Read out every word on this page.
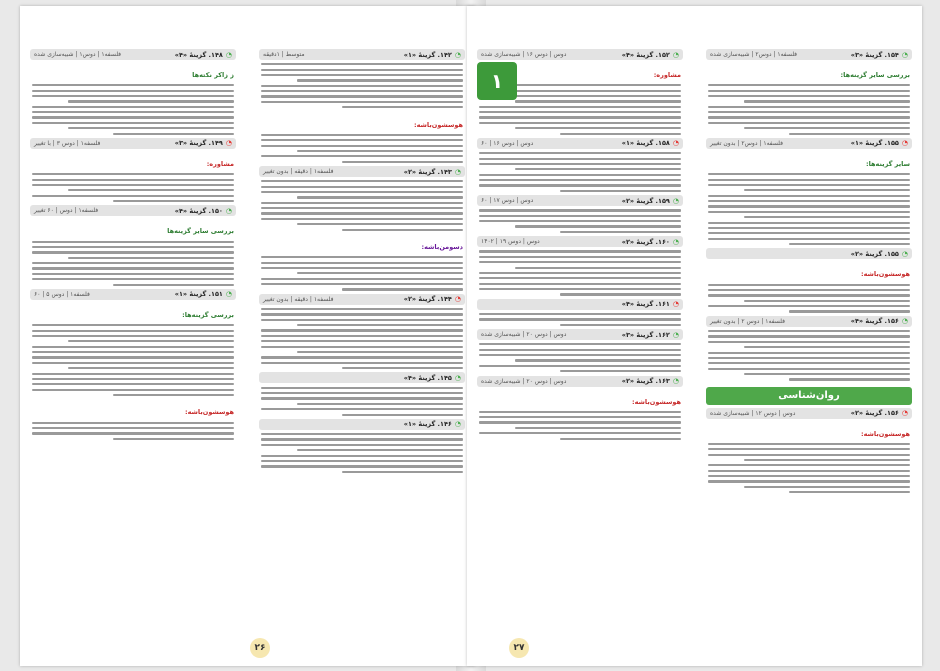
◔۱۴۲. گزینهٔ «۱»
متوسط | ۱دقیقه
هوسشون‌باشه:
◔۱۴۳. گزینهٔ «۲»
فلسفه۱ | دقیقه | بدون تغییر
دسومن‌باشه:
◔۱۴۴. گزینهٔ «۲»
فلسفه۱ | دقیقه | بدون تغییر
◔۱۴۵. گزینهٔ «۴»
◔۱۴۶. گزینهٔ «۱»
◔۱۴۸. گزینهٔ «۴»
فلسفه۱ | دوس۱ | شبیه‌سازی شده
ز زاکر نکته‌ها
◔۱۴۹. گزینهٔ «۳»
فلسفه۱ | دوس ۳ | با تغییر
مشاوره:
◔۱۵۰. گزینهٔ «۴»
فلسفه۱ | دوس | ۶۰ تغییر
بررسی سایر گزینه‌ها
◔۱۵۱. گزینهٔ «۱»
فلسفه۱ | دوس ۵ | ۶۰
بررسی گزینه‌ها:
هوسشون‌باشه:
۲۶
◔۱۵۴. گزینهٔ «۳»
فلسفه۱ | دوس۲ | شبیه‌سازی شده
بررسی سایر گزینه‌ها:
◔۱۵۵. گزینهٔ «۱»
فلسفه۱ | دوس۲ | بدون تغییر
سایر گزینه‌ها:
◔۱۵۵. گزینهٔ «۲»
هوسشون‌باشه:
◔۱۵۶. گزینهٔ «۴»
فلسفه۱ | دوس ۲ | بدون تغییر
روان‌شناسی
◔۱۵۶. گزینهٔ «۲»
دوس | دوس ۱۲ | شبیه‌سازی شده
هوسشون‌باشه:
◔۱۵۲. گزینهٔ «۴»
دوس | دوس ۱۶ | شبیه‌سازی شده
مشاوره:
◔۱۵۸. گزینهٔ «۱»
دوس | دوس ۱۶ | ۶۰
◔۱۵۹. گزینهٔ «۲»
دوس | دوس ۱۷ | ۶۰
◔۱۶۰. گزینهٔ «۲»
دوس | دوس ۱۹ | ۱۴۰۲
◔۱۶۱. گزینهٔ «۴»
◔۱۶۲. گزینهٔ «۳»
دوس | دوس ۲۰ | شبیه‌سازی شده
◔۱۶۳. گزینهٔ «۲»
دوس | دوس ۲۰ | شبیه‌سازی شده
هوسشون‌باشه:
۱
۲۷
